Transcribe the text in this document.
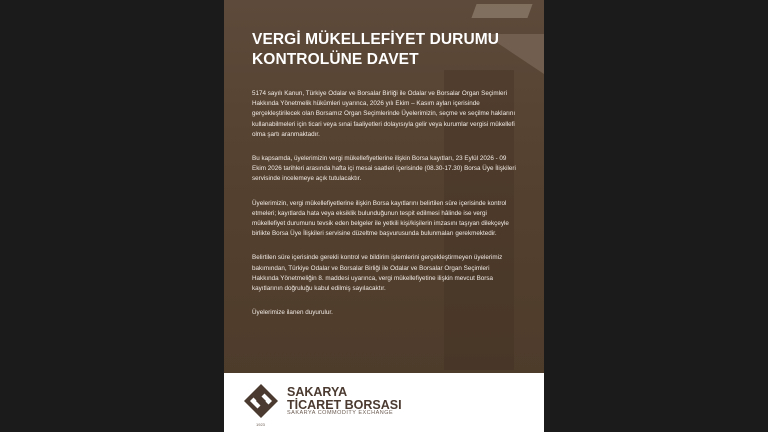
VERGİ MÜKELLEFİYET DURUMU
KONTROLÜNE DAVET

5174 sayılı Kanun, Türkiye Odalar ve Borsalar Birliği ile Odalar ve Borsalar Organ Seçimleri Hakkında Yönetmelik hükümleri uyarınca, 2026 yılı Ekim – Kasım ayları içerisinde gerçekleştirilecek olan Borsamız Organ Seçimlerinde Üyelerimizin, seçme ve seçilme haklarını kullanabilmeleri için ticari veya sınai faaliyetleri dolayısıyla gelir veya kurumlar vergisi mükellefi olma şartı aranmaktadır.

Bu kapsamda, üyelerimizin vergi mükellefiyetlerine ilişkin Borsa kayıtları, 23 Eylül 2026 - 09 Ekim 2026 tarihleri arasında hafta içi mesai saatleri içerisinde (08.30-17.30) Borsa Üye İlişkileri servisinde incelemeye açık tutulacaktır.

Üyelerimizin, vergi mükellefiyetlerine ilişkin Borsa kayıtlarını belirtilen süre içerisinde kontrol etmeleri; kayıtlarda hata veya eksiklik bulunduğunun tespit edilmesi hâlinde ise vergi mükellefiyet durumunu tevsik eden belgeler ile yetkili kişi/kişilerin imzasını taşıyan dilekçeyle birlikte Borsa Üye İlişkileri servisine düzeltme başvurusunda bulunmaları gerekmektedir.

Belirtilen süre içerisinde gerekli kontrol ve bildirim işlemlerini gerçekleştirmeyen üyelerimiz bakımından, Türkiye Odalar ve Borsalar Birliği ile Odalar ve Borsalar Organ Seçimleri Hakkında Yönetmeliğin 8. maddesi uyarınca, vergi mükellefiyetine ilişkin mevcut Borsa kayıtlarının doğruluğu kabul edilmiş sayılacaktır.

Üyelerimize ilanen duyurulur.

1923
SAKARYA
TİCARET BORSASI
SAKARYA COMMODITY EXCHANGE
